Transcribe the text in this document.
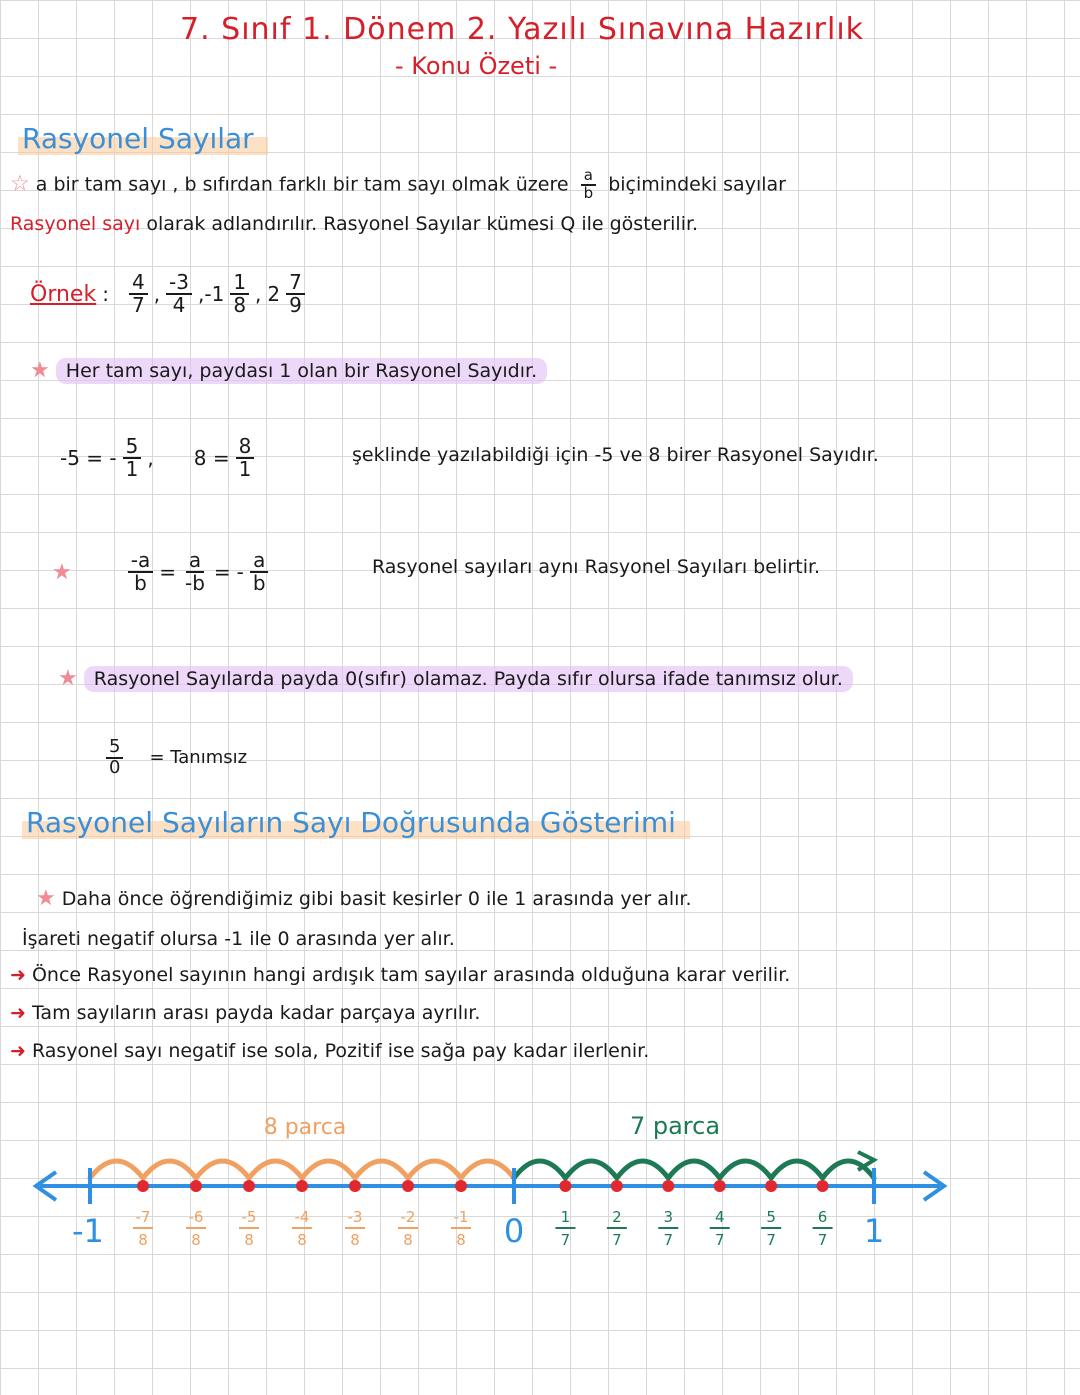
7. Sınıf 1. Dönem 2. Yazılı Sınavına Hazırlık
- Konu Özeti -
Rasyonel Sayılar
☆ a bir tam sayı , b sıfırdan farklı bir tam sayı olmak üzere $\frac{a}{b}$ biçimindeki sayılar
Rasyonel sayı olarak adlandırılır. Rasyonel Sayılar kümesi Q ile gösterilir.
Örnek : $\frac{4}{7}$ , $\frac{-3}{4}$ , $-1 \frac{1}{8}$ , $2 \frac{7}{9}$
★ Her tam sayı, paydası 1 olan bir Rasyonel Sayıdır.
-5 = - $\frac{5}{1}$ , $8 = \frac{8}{1}$	şeklinde yazılabildiği için -5 ve 8 birer Rasyonel Sayıdır.
★	$\frac{-a}{b} = \frac{a}{-b}$ = - $\frac{a}{b}$	Rasyonel sayıları aynı Rasyonel Sayıları belirtir.
★ Rasyonel Sayılarda payda 0(sıfır) olamaz. Payda sıfır olursa ifade tanımsız olur.
$\frac{5}{0}$ = Tanımsız
Rasyonel Sayıların Sayı Doğrusunda Gösterimi
★ Daha önce öğrendiğimiz gibi basit kesirler 0 ile 1 arasında yer alır.
İşareti negatif olursa -1 ile 0 arasında yer alır.
➜ Önce Rasyonel sayının hangi ardışık tam sayılar arasında olduğuna karar verilir.
➜ Tam sayıların arası payda kadar parçaya ayrılır.
➜ Rasyonel sayı negatif ise sola, Pozitif ise sağa pay kadar ilerlenir.
8 parca	7 parca
-7
8
-6
8
-5
8
-4
8
-3
8
-2
8
-1
8
1
7
2
7
3
7
4
7
5
7
6
7
-1	0	1
